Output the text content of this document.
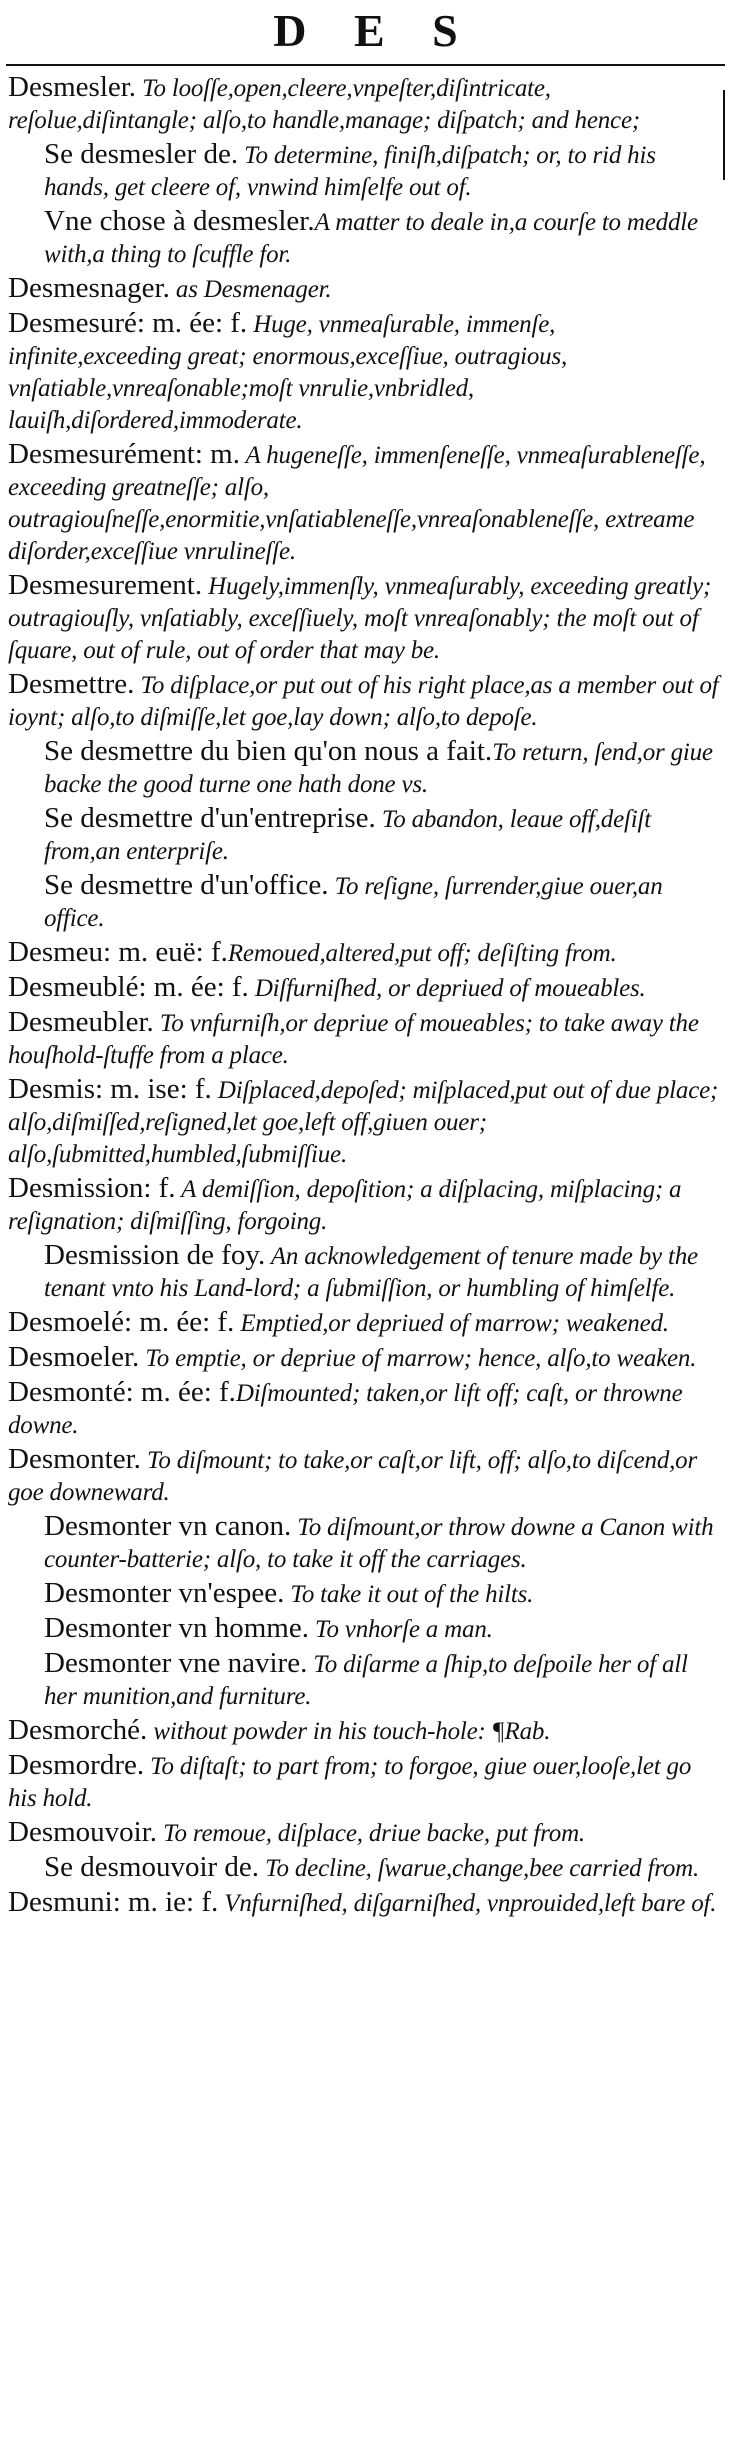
D E S
Desmesler. To looſſe,open,cleere,vnpeſter,diſintricate, reſolue,diſintangle; alſo,to handle,manage; diſpatch; and hence;
Se desmesler de. To determine, finiſh,diſpatch; or, to rid his hands, get cleere of, vnwind himſelfe out of.
Vne chose à desmesler.A matter to deale in,a courſe to meddle with,a thing to ſcuffle for.
Desmesnager. as Desmenager.
Desmesuré: m. ée: f. Huge, vnmeaſurable, immenſe, infinite,exceeding great; enormous,exceſſiue, outragious, vnſatiable,vnreaſonable;moſt vnrulie,vnbridled, lauiſh,diſordered,immoderate.
Desmesurément: m. A hugeneſſe, immenſeneſſe, vnmeaſurableneſſe, exceeding greatneſſe; alſo, outragiouſneſſe,enormitie,vnſatiableneſſe,vnreaſonableneſſe, extreame diſorder,exceſſiue vnrulineſſe.
Desmesurement. Hugely,immenſly, vnmeaſurably, exceeding greatly; outragiouſly, vnſatiably, exceſſiuely, moſt vnreaſonably; the moſt out of ſquare, out of rule, out of order that may be.
Desmettre. To diſplace,or put out of his right place,as a member out of ioynt; alſo,to diſmiſſe,let goe,lay down; alſo,to depoſe.
Se desmettre du bien qu'on nous a fait.To return, ſend,or giue backe the good turne one hath done vs.
Se desmettre d'un'entreprise. To abandon, leaue off,deſiſt from,an enterpriſe.
Se desmettre d'un'office. To reſigne, ſurrender,giue ouer,an office.
Desmeu: m. euë: f.Remoued,altered,put off; deſiſting from.
Desmeublé: m. ée: f. Diſfurniſhed, or depriued of moueables.
Desmeubler. To vnfurniſh,or depriue of moueables; to take away the houſhold-ſtuffe from a place.
Desmis: m. ise: f. Diſplaced,depoſed; miſplaced,put out of due place; alſo,diſmiſſed,reſigned,let goe,left off,giuen ouer; alſo,ſubmitted,humbled,ſubmiſſiue.
Desmission: f. A demiſſion, depoſition; a diſplacing, miſplacing; a reſignation; diſmiſſing, forgoing.
Desmission de foy. An acknowledgement of tenure made by the tenant vnto his Land-lord; a ſubmiſſion, or humbling of himſelfe.
Desmoelé: m. ée: f. Emptied,or depriued of marrow; weakened.
Desmoeler. To emptie, or depriue of marrow; hence, alſo,to weaken.
Desmonté: m. ée: f.Diſmounted; taken,or lift off; caſt, or throwne downe.
Desmonter. To diſmount; to take,or caſt,or lift, off; alſo,to diſcend,or goe downeward.
Desmonter vn canon. To diſmount,or throw downe a Canon with counter-batterie; alſo, to take it off the carriages.
Desmonter vn'espee. To take it out of the hilts.
Desmonter vn homme. To vnhorſe a man.
Desmonter vne navire. To diſarme a ſhip,to deſpoile her of all her munition,and furniture.
Desmorché. without powder in his touch-hole: ¶Rab.
Desmordre. To diſtaſt; to part from; to forgoe, giue ouer,looſe,let go his hold.
Desmouvoir. To remoue, diſplace, driue backe, put from.
Se desmouvoir de. To decline, ſwarue,change,bee carried from.
Desmuni: m. ie: f. Vnfurniſhed, diſgarniſhed, vnprouided,left bare of.
